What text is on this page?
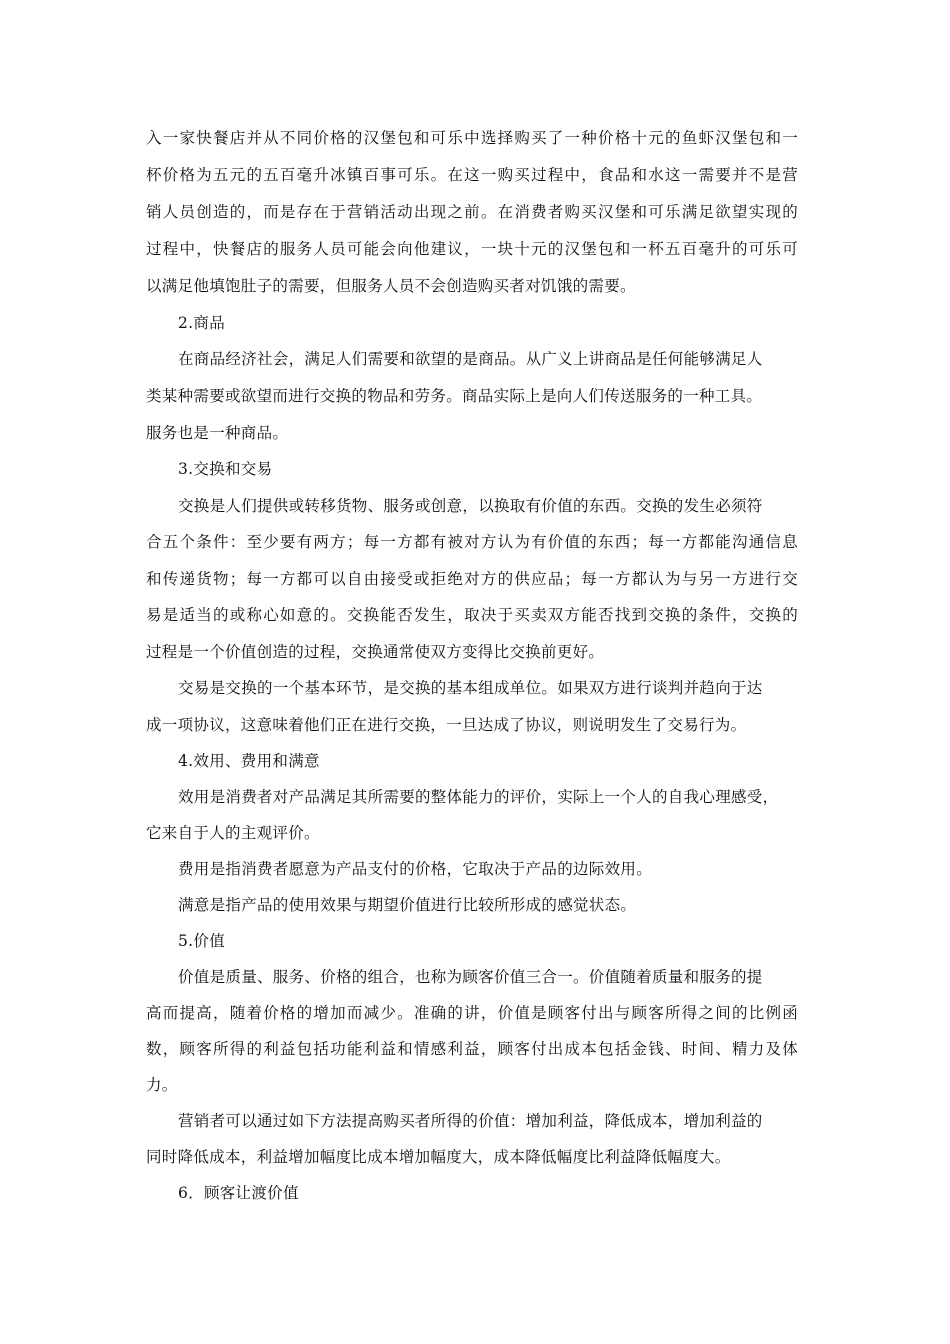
入一家快餐店并从不同价格的汉堡包和可乐中选择购买了一种价格十元的鱼虾汉堡包和一

杯价格为五元的五百毫升冰镇百事可乐。在这一购买过程中，食品和水这一需要并不是营

销人员创造的，而是存在于营销活动出现之前。在消费者购买汉堡和可乐满足欲望实现的

过程中，快餐店的服务人员可能会向他建议，一块十元的汉堡包和一杯五百毫升的可乐可

以满足他填饱肚子的需要，但服务人员不会创造购买者对饥饿的需要。

2.商品

在商品经济社会，满足人们需要和欲望的是商品。从广义上讲商品是任何能够满足人

类某种需要或欲望而进行交换的物品和劳务。商品实际上是向人们传送服务的一种工具。

服务也是一种商品。

3.交换和交易

交换是人们提供或转移货物、服务或创意，以换取有价值的东西。交换的发生必须符

合五个条件：至少要有两方；每一方都有被对方认为有价值的东西；每一方都能沟通信息

和传递货物；每一方都可以自由接受或拒绝对方的供应品；每一方都认为与另一方进行交

易是适当的或称心如意的。交换能否发生，取决于买卖双方能否找到交换的条件，交换的

过程是一个价值创造的过程，交换通常使双方变得比交换前更好。

交易是交换的一个基本环节，是交换的基本组成单位。如果双方进行谈判并趋向于达

成一项协议，这意味着他们正在进行交换，一旦达成了协议，则说明发生了交易行为。

4.效用、费用和满意

效用是消费者对产品满足其所需要的整体能力的评价，实际上一个人的自我心理感受，

它来自于人的主观评价。

费用是指消费者愿意为产品支付的价格，它取决于产品的边际效用。

满意是指产品的使用效果与期望价值进行比较所形成的感觉状态。

5.价值

价值是质量、服务、价格的组合，也称为顾客价值三合一。价值随着质量和服务的提

高而提高，随着价格的增加而减少。准确的讲，价值是顾客付出与顾客所得之间的比例函

数，顾客所得的利益包括功能利益和情感利益，顾客付出成本包括金钱、时间、精力及体

力。

营销者可以通过如下方法提高购买者所得的价值：增加利益，降低成本，增加利益的

同时降低成本，利益增加幅度比成本增加幅度大，成本降低幅度比利益降低幅度大。

6．顾客让渡价值
